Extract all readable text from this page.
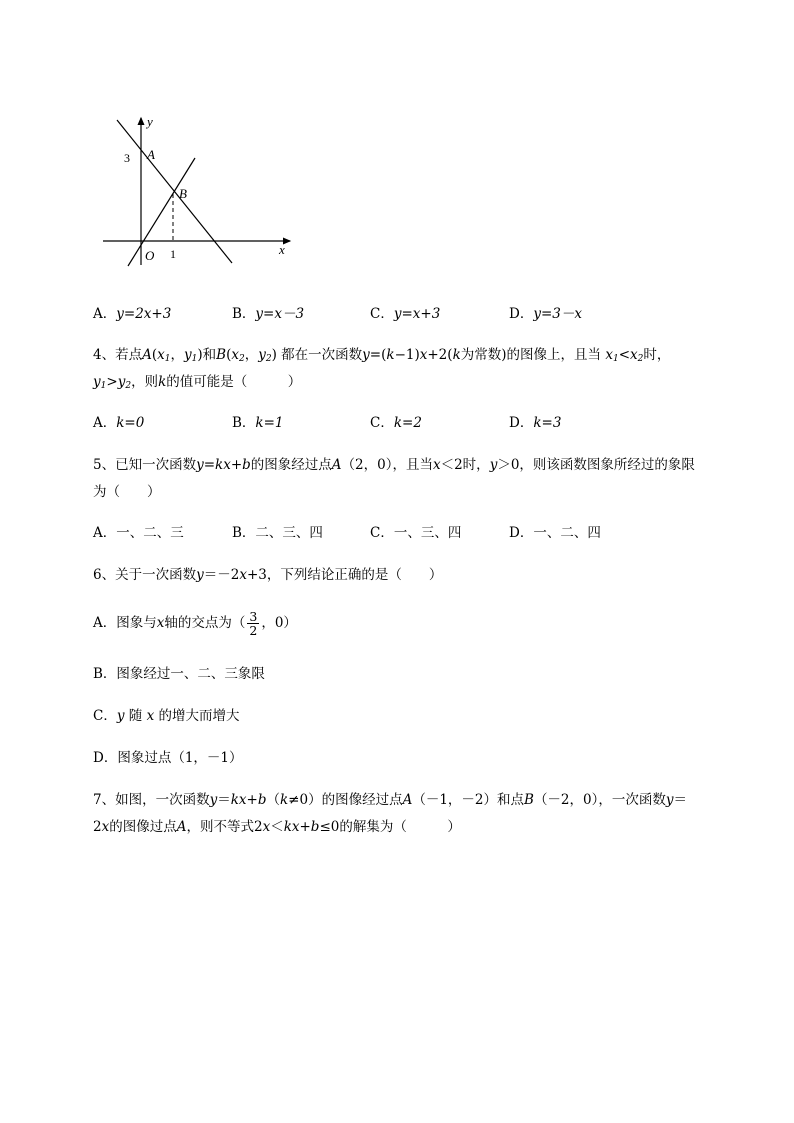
y
x
A
B
O
3
1
A．y=2x+3	B．y=x－3	C．y=x+3	D．y=3－x
4、若点$A(x_1$，$y_1$)和$B(x_2$，$y_2$) 都在一次函数y=(k−1)x+2(k为常数)的图像上，且当 $x_1<x_2$时，
$y_1>y_2$，则k的值可能是（　　　）
A．k=0	B．k=1	C．k=2	D．k=3
5、已知一次函数y=kx+b的图象经过点A（2，0），且当x＜2时，y＞0，则该函数图象所经过的象限
为（　　）
A．一、二、三	B．二、三、四	C．一、三、四	D．一、二、四
6、关于一次函数y＝－2x+3，下列结论正确的是（　　）
A．图象与x轴的交点为（ $\frac{3}{2}$ ，0）
B．图象经过一、二、三象限
C．y 随 x 的增大而增大
D．图象过点（1，－1）
7、如图，一次函数y＝kx+b（k≠0）的图像经过点A（－1，－2）和点B（－2，0），一次函数y＝
2x的图像过点A，则不等式2x＜kx+b≤0的解集为（　　　）
